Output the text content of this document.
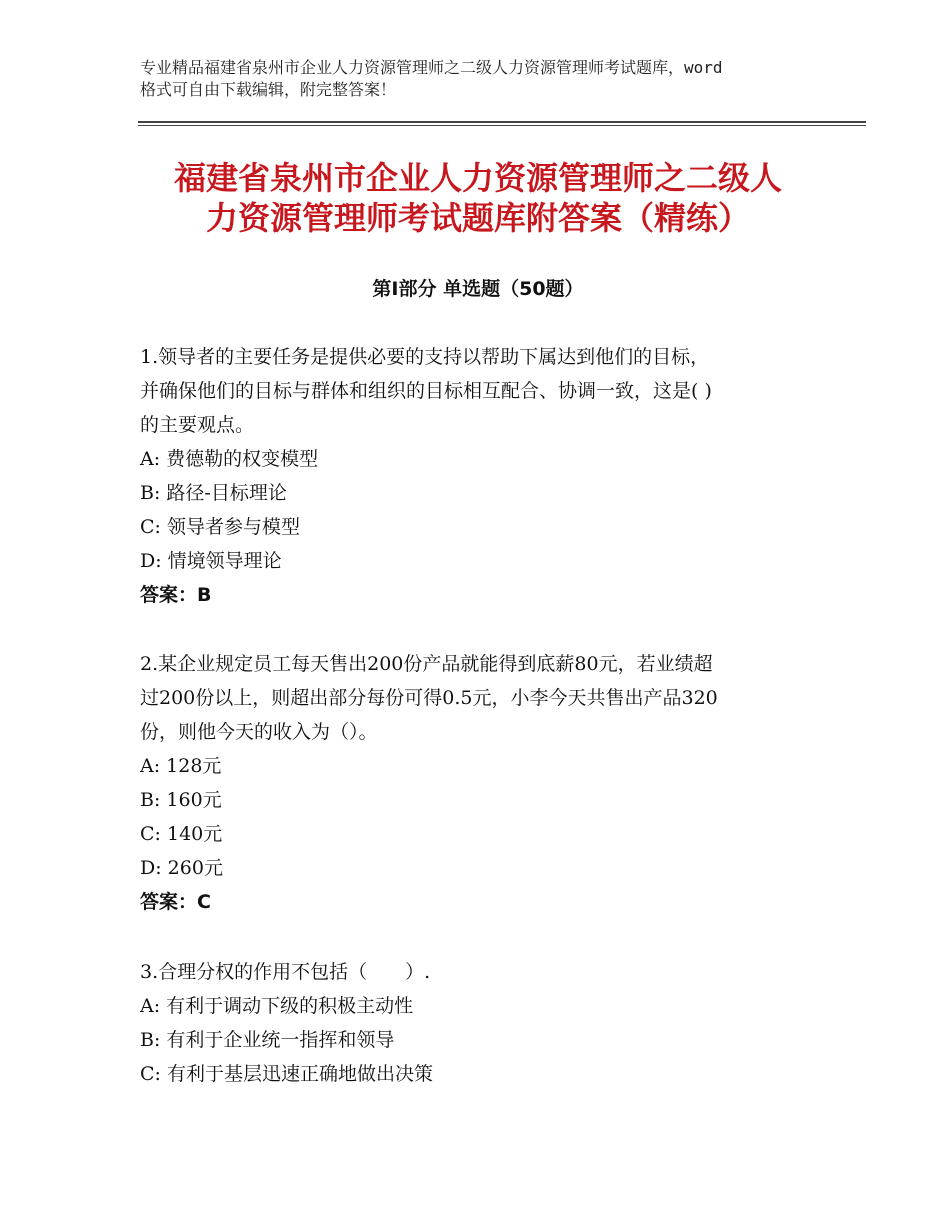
专业精品福建省泉州市企业人力资源管理师之二级人力资源管理师考试题库，word
格式可自由下载编辑，附完整答案！
福建省泉州市企业人力资源管理师之二级人
力资源管理师考试题库附答案（精练）
第Ⅰ部分 单选题（50题）

1.领导者的主要任务是提供必要的支持以帮助下属达到他们的目标，

并确保他们的目标与群体和组织的目标相互配合、协调一致，这是( )

的主要观点。

A: 费德勒的权变模型

B: 路径-目标理论

C: 领导者参与模型

D: 情境领导理论

答案：B

2.某企业规定员工每天售出200份产品就能得到底薪80元，若业绩超

过200份以上，则超出部分每份可得0.5元，小李今天共售出产品320

份，则他今天的收入为（）。

A: 128元

B: 160元

C: 140元

D: 260元

答案：C

3.合理分权的作用不包括（　　）.

A: 有利于调动下级的积极主动性

B: 有利于企业统一指挥和领导

C: 有利于基层迅速正确地做出决策
